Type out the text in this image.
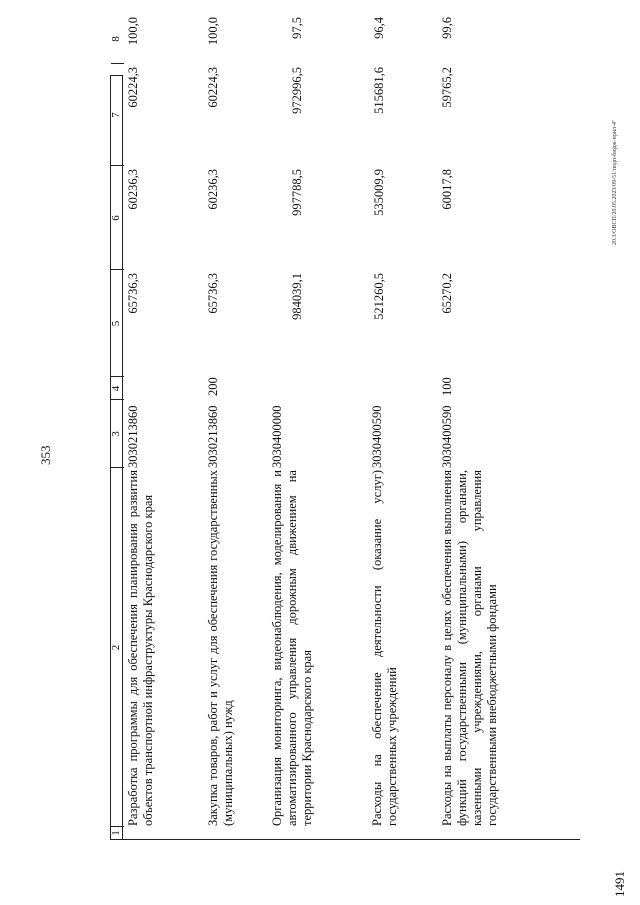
353
1
2
3
4
5
6
7
8
Разработка программы для обеспечения планирования развития объектов транспортной инфраструктуры Краснодарского края
3030213860
65736,3
60236,3
60224,3
100,0
Закупка товаров, работ и услуг для обеспечения государственных (муниципальных) нужд
3030213860
200
65736,3
60236,3
60224,3
100,0
Организация мониторинга, видеонаблюдения, моделирования и автоматизированного управления дорожным движением на территории Краснодарского края
3030400000
984039,1
997788,5
972996,5
97,5
Расходы на обеспечение деятельности (оказание услуг) государственных учреждений
3030400590
521260,5
535009,9
515681,6
96,4
Расходы на выплаты персоналу в целях обеспечения выполнения функций государственными (муниципальными) органами, казенными учреждениями, органами управления государственными внебюджетными фондами
3030400590
100
65270,2
60017,8
59765,2
99,6
1491
20.3/ОВСП/20.05.2023/09-51/подп-бюдж-прил-4ª
